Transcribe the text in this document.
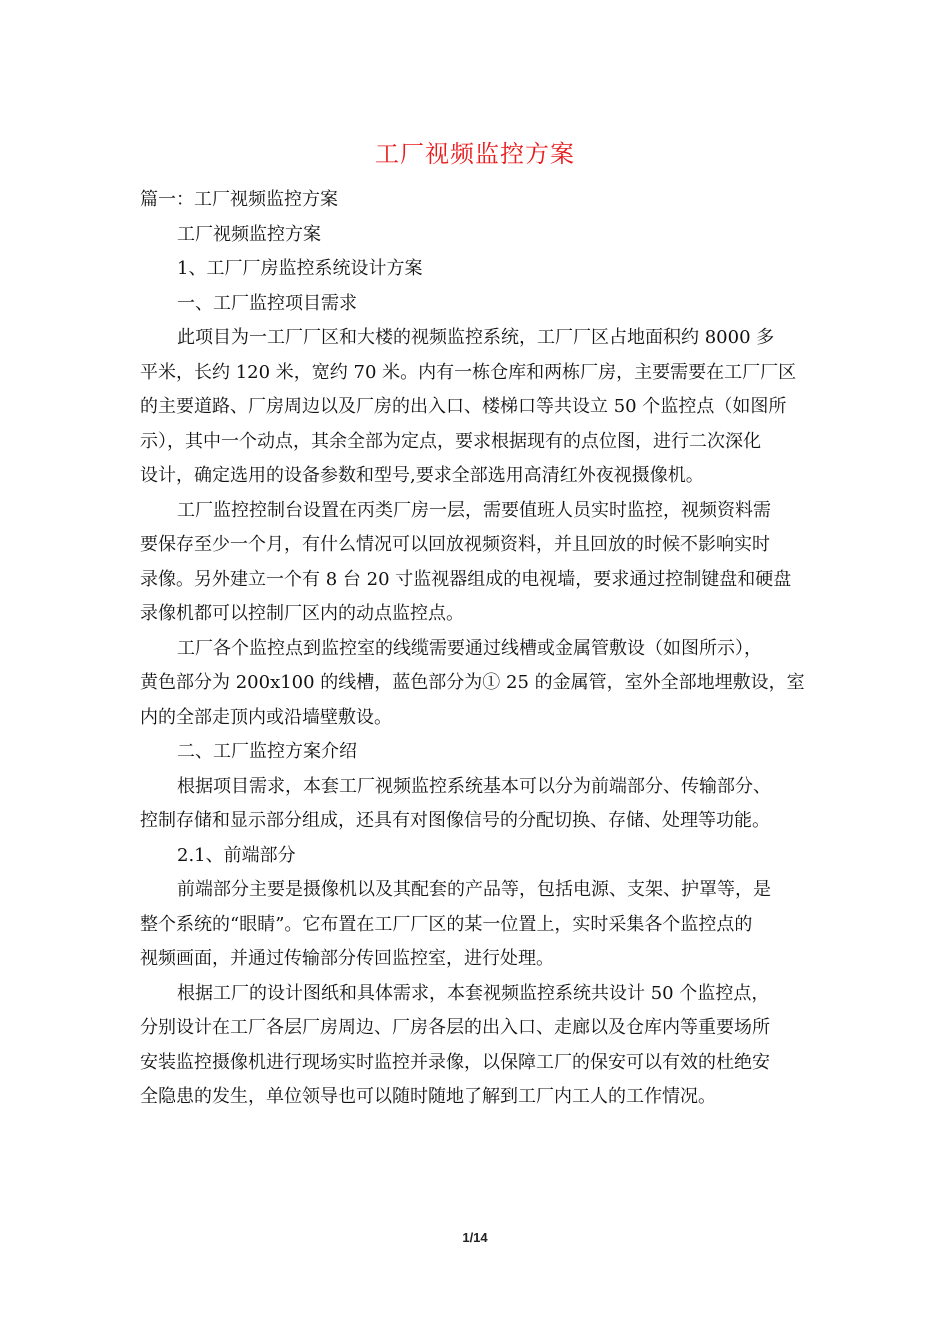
工厂视频监控方案
篇一：工厂视频监控方案
工厂视频监控方案
1、工厂厂房监控系统设计方案
一、工厂监控项目需求
此项目为一工厂厂区和大楼的视频监控系统，工厂厂区占地面积约 8000 多
平米，长约 120 米，宽约 70 米。内有一栋仓库和两栋厂房，主要需要在工厂厂区
的主要道路、厂房周边以及厂房的出入口、楼梯口等共设立 50 个监控点（如图所
示），其中一个动点，其余全部为定点，要求根据现有的点位图，进行二次深化
设计，确定选用的设备参数和型号,要求全部选用高清红外夜视摄像机。
工厂监控控制台设置在丙类厂房一层，需要值班人员实时监控，视频资料需
要保存至少一个月，有什么情况可以回放视频资料，并且回放的时候不影响实时
录像。另外建立一个有 8 台 20 寸监视器组成的电视墙，要求通过控制键盘和硬盘
录像机都可以控制厂区内的动点监控点。
工厂各个监控点到监控室的线缆需要通过线槽或金属管敷设（如图所示），
黄色部分为 200x100 的线槽，蓝色部分为① 25 的金属管，室外全部地埋敷设，室
内的全部走顶内或沿墙壁敷设。
二、工厂监控方案介绍
根据项目需求，本套工厂视频监控系统基本可以分为前端部分、传输部分、
控制存储和显示部分组成，还具有对图像信号的分配切换、存储、处理等功能。
2.1、前端部分
前端部分主要是摄像机以及其配套的产品等，包括电源、支架、护罩等，是
整个系统的“眼睛”。它布置在工厂厂区的某一位置上，实时采集各个监控点的
视频画面，并通过传输部分传回监控室，进行处理。
根据工厂的设计图纸和具体需求，本套视频监控系统共设计 50 个监控点，
分别设计在工厂各层厂房周边、厂房各层的出入口、走廊以及仓库内等重要场所
安装监控摄像机进行现场实时监控并录像，以保障工厂的保安可以有效的杜绝安
全隐患的发生，单位领导也可以随时随地了解到工厂内工人的工作情况。
1/14
